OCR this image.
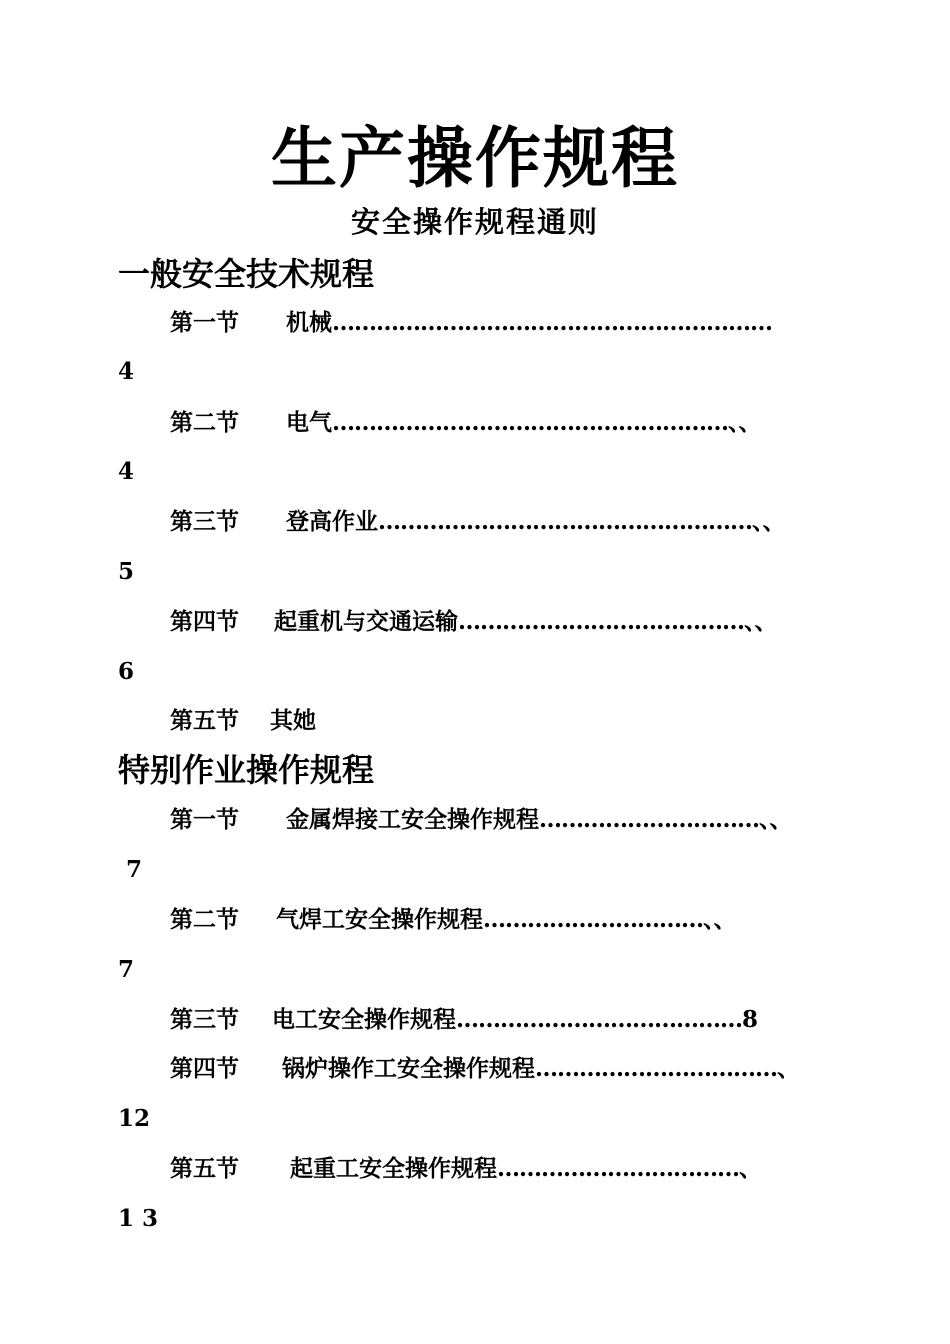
生产操作规程
安全操作规程通则
一般安全技术规程
第一节 机械……………………………………………………
4
第二节 电气………………………………………………、、
4
第三节 登高作业……………………………………………、、
5
第四节 起重机与交通运输…………………………………、、
6
第五节 其她
特别作业操作规程
第一节 金属焊接工安全操作规程…………………………、、
7
第二节 气焊工安全操作规程…………………………、、
7
第三节 电工安全操作规程…………………………………8
第四节 锅炉操作工安全操作规程……………………………、
12
第五节 起重工安全操作规程……………………………、
1 3
